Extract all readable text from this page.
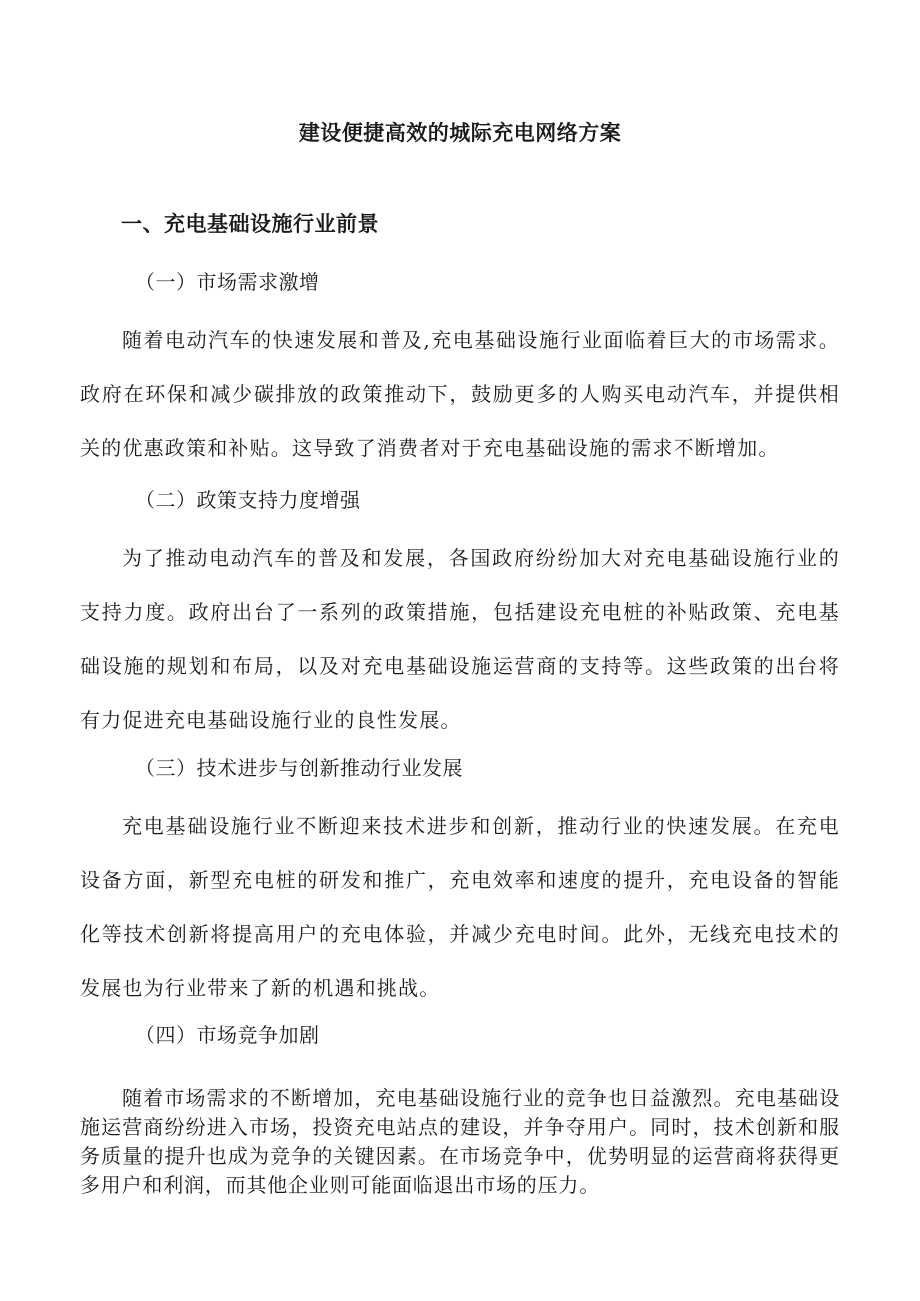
建设便捷高效的城际充电网络方案
一、充电基础设施行业前景
（一）市场需求激增
随着电动汽车的快速发展和普及,充电基础设施行业面临着巨大的市场需求。政府在环保和减少碳排放的政策推动下，鼓励更多的人购买电动汽车，并提供相关的优惠政策和补贴。这导致了消费者对于充电基础设施的需求不断增加。
（二）政策支持力度增强
为了推动电动汽车的普及和发展，各国政府纷纷加大对充电基础设施行业的支持力度。政府出台了一系列的政策措施，包括建设充电桩的补贴政策、充电基础设施的规划和布局，以及对充电基础设施运营商的支持等。这些政策的出台将有力促进充电基础设施行业的良性发展。
（三）技术进步与创新推动行业发展
充电基础设施行业不断迎来技术进步和创新，推动行业的快速发展。在充电设备方面，新型充电桩的研发和推广，充电效率和速度的提升，充电设备的智能化等技术创新将提高用户的充电体验，并减少充电时间。此外，无线充电技术的发展也为行业带来了新的机遇和挑战。
（四）市场竞争加剧
随着市场需求的不断增加，充电基础设施行业的竞争也日益激烈。充电基础设施运营商纷纷进入市场，投资充电站点的建设，并争夺用户。同时，技术创新和服务质量的提升也成为竞争的关键因素。在市场竞争中，优势明显的运营商将获得更多用户和利润，而其他企业则可能面临退出市场的压力。
